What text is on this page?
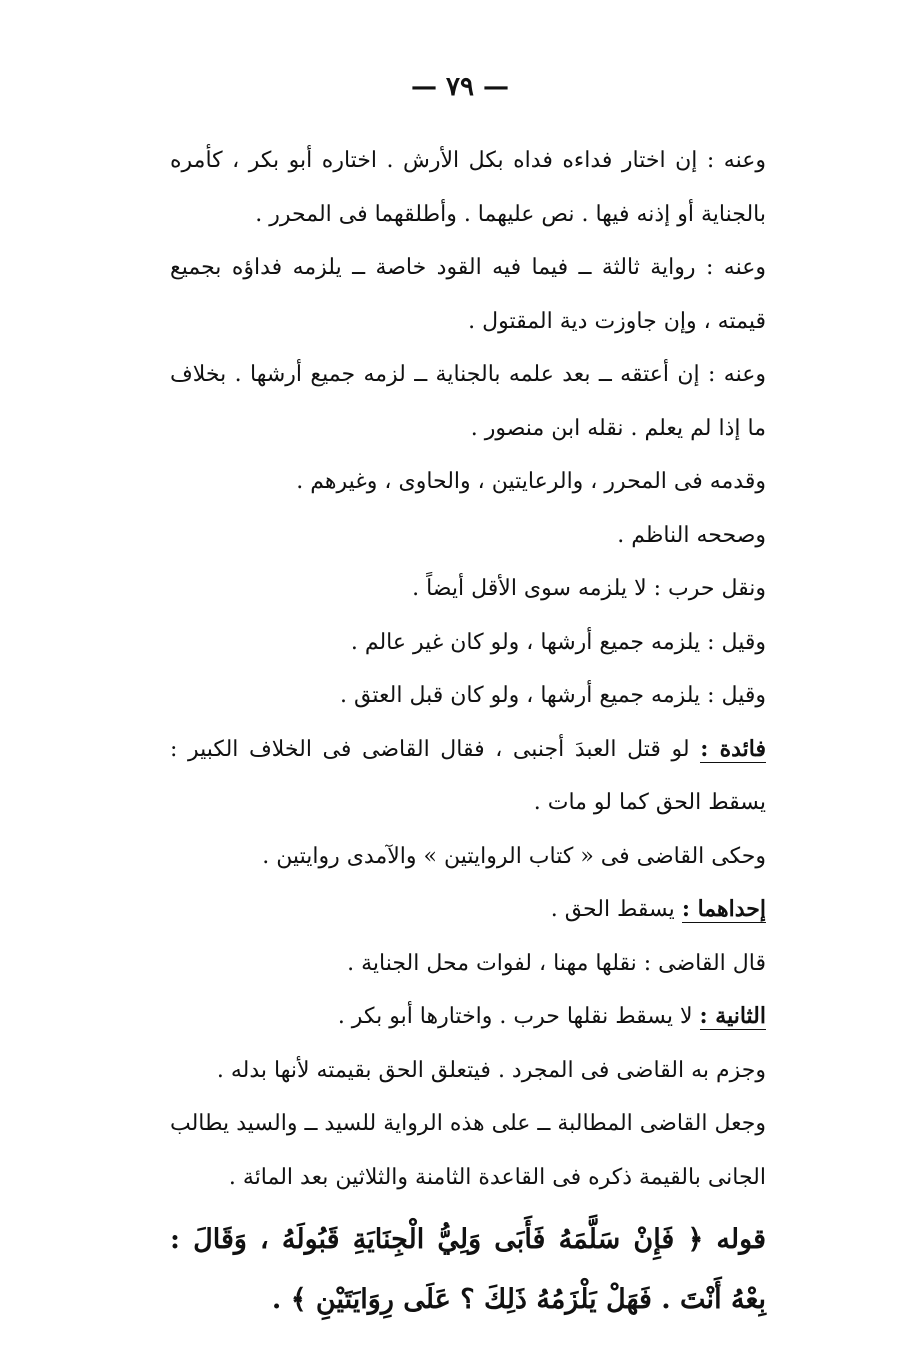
— ٧٩ —

وعنه : إن اختار فداءه فداه بكل الأرش . اختاره أبو بكر ، كأمره بالجناية أو إذنه فيها . نص عليهما . وأطلقهما فى المحرر .

وعنه : رواية ثالثة ــ فيما فيه القود خاصة ــ يلزمه فداؤه بجميع قيمته ، وإن جاوزت دية المقتول .

وعنه : إن أعتقه ــ بعد علمه بالجناية ــ لزمه جميع أرشها . بخلاف ما إذا لم يعلم . نقله ابن منصور .

وقدمه فى المحرر ، والرعايتين ، والحاوى ، وغيرهم .

وصححه الناظم .

ونقل حرب : لا يلزمه سوى الأقل أيضاً .

وقيل : يلزمه جميع أرشها ، ولو كان غير عالم .

وقيل : يلزمه جميع أرشها ، ولو كان قبل العتق .

فائدة : لو قتل العبدَ أجنبى ، فقال القاضى فى الخلاف الكبير : يسقط الحق كما لو مات .

وحكى القاضى فى « كتاب الروايتين » والآمدى روايتين .

إحداهما : يسقط الحق .

قال القاضى : نقلها مهنا ، لفوات محل الجناية .

الثانية : لا يسقط نقلها حرب . واختارها أبو بكر .

وجزم به القاضى فى المجرد . فيتعلق الحق بقيمته لأنها بدله .

وجعل القاضى المطالبة ــ على هذه الرواية للسيد ــ والسيد يطالب الجانى بالقيمة ذكره فى القاعدة الثامنة والثلاثين بعد المائة .

قوله ﴿ فَإِنْ سَلَّمَهُ فَأَبَى وَلِيُّ الْجِنَايَةِ قَبُولَهُ ، وَقَالَ : بِعْهُ أَنْتَ . فَهَلْ يَلْزَمُهُ ذَلِكَ ؟ عَلَى رِوَايَتَيْنِ ﴾ .
